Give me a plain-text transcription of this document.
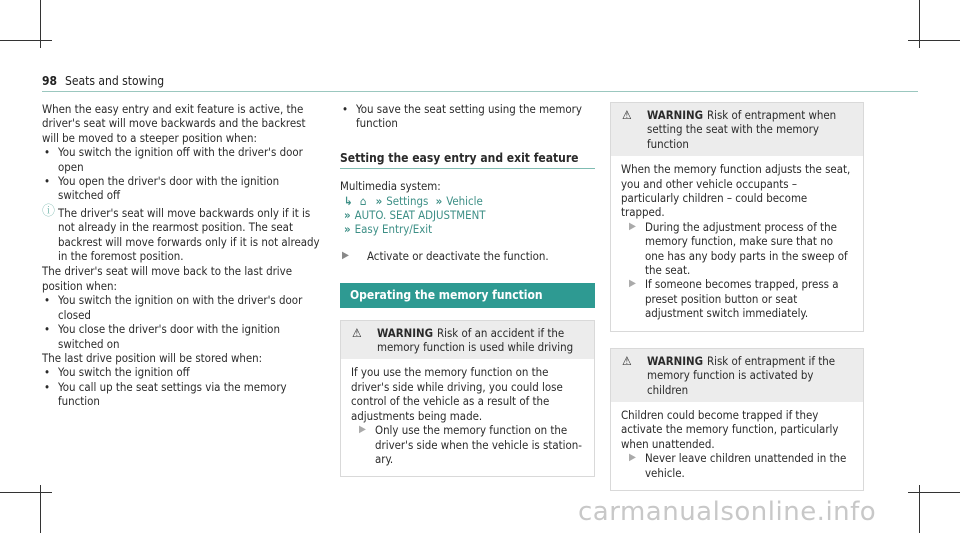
98 Seats and stowing

When the easy entry and exit feature is active, the driver's seat will move backwards and the backrest will be moved to a steeper position when:

• You switch the ignition off with the driver's door open

• You open the driver's door with the ignition switched off

ⓘ The driver's seat will move backwards only if it is not already in the rearmost position. The seat backrest will move forwards only if it is not already in the foremost position.

The driver's seat will move back to the last drive position when:

• You switch the ignition on with the driver's door closed

• You close the driver's door with the ignition switched on

The last drive position will be stored when:

• You switch the ignition off

• You call up the seat settings via the memory function

• You save the seat setting using the memory function

Setting the easy entry and exit feature

Multimedia system:

↳ ⌂ » Settings » Vehicle

» AUTO. SEAT ADJUSTMENT

» Easy Entry/Exit

▶ Activate or deactivate the function.

Operating the memory function
⚠	WARNING Risk of an accident if the memory function is used while driving

If you use the memory function on the driver's side while driving, you could lose control of the vehicle as a result of the adjustments being made.

▶ Only use the memory function on the driver's side when the vehicle is station-ary.

⚠	WARNING Risk of entrapment when setting the seat with the memory function

When the memory function adjusts the seat, you and other vehicle occupants – particularly children – could become trapped.

▶ During the adjustment process of the memory function, make sure that no one has any body parts in the sweep of the seat.

▶ If someone becomes trapped, press a preset position button or seat adjustment switch immediately.

⚠	WARNING Risk of entrapment if the memory function is activated by children

Children could become trapped if they activate the memory function, particularly when unattended.

▶ Never leave children unattended in the vehicle.

carmanualsonline.info
